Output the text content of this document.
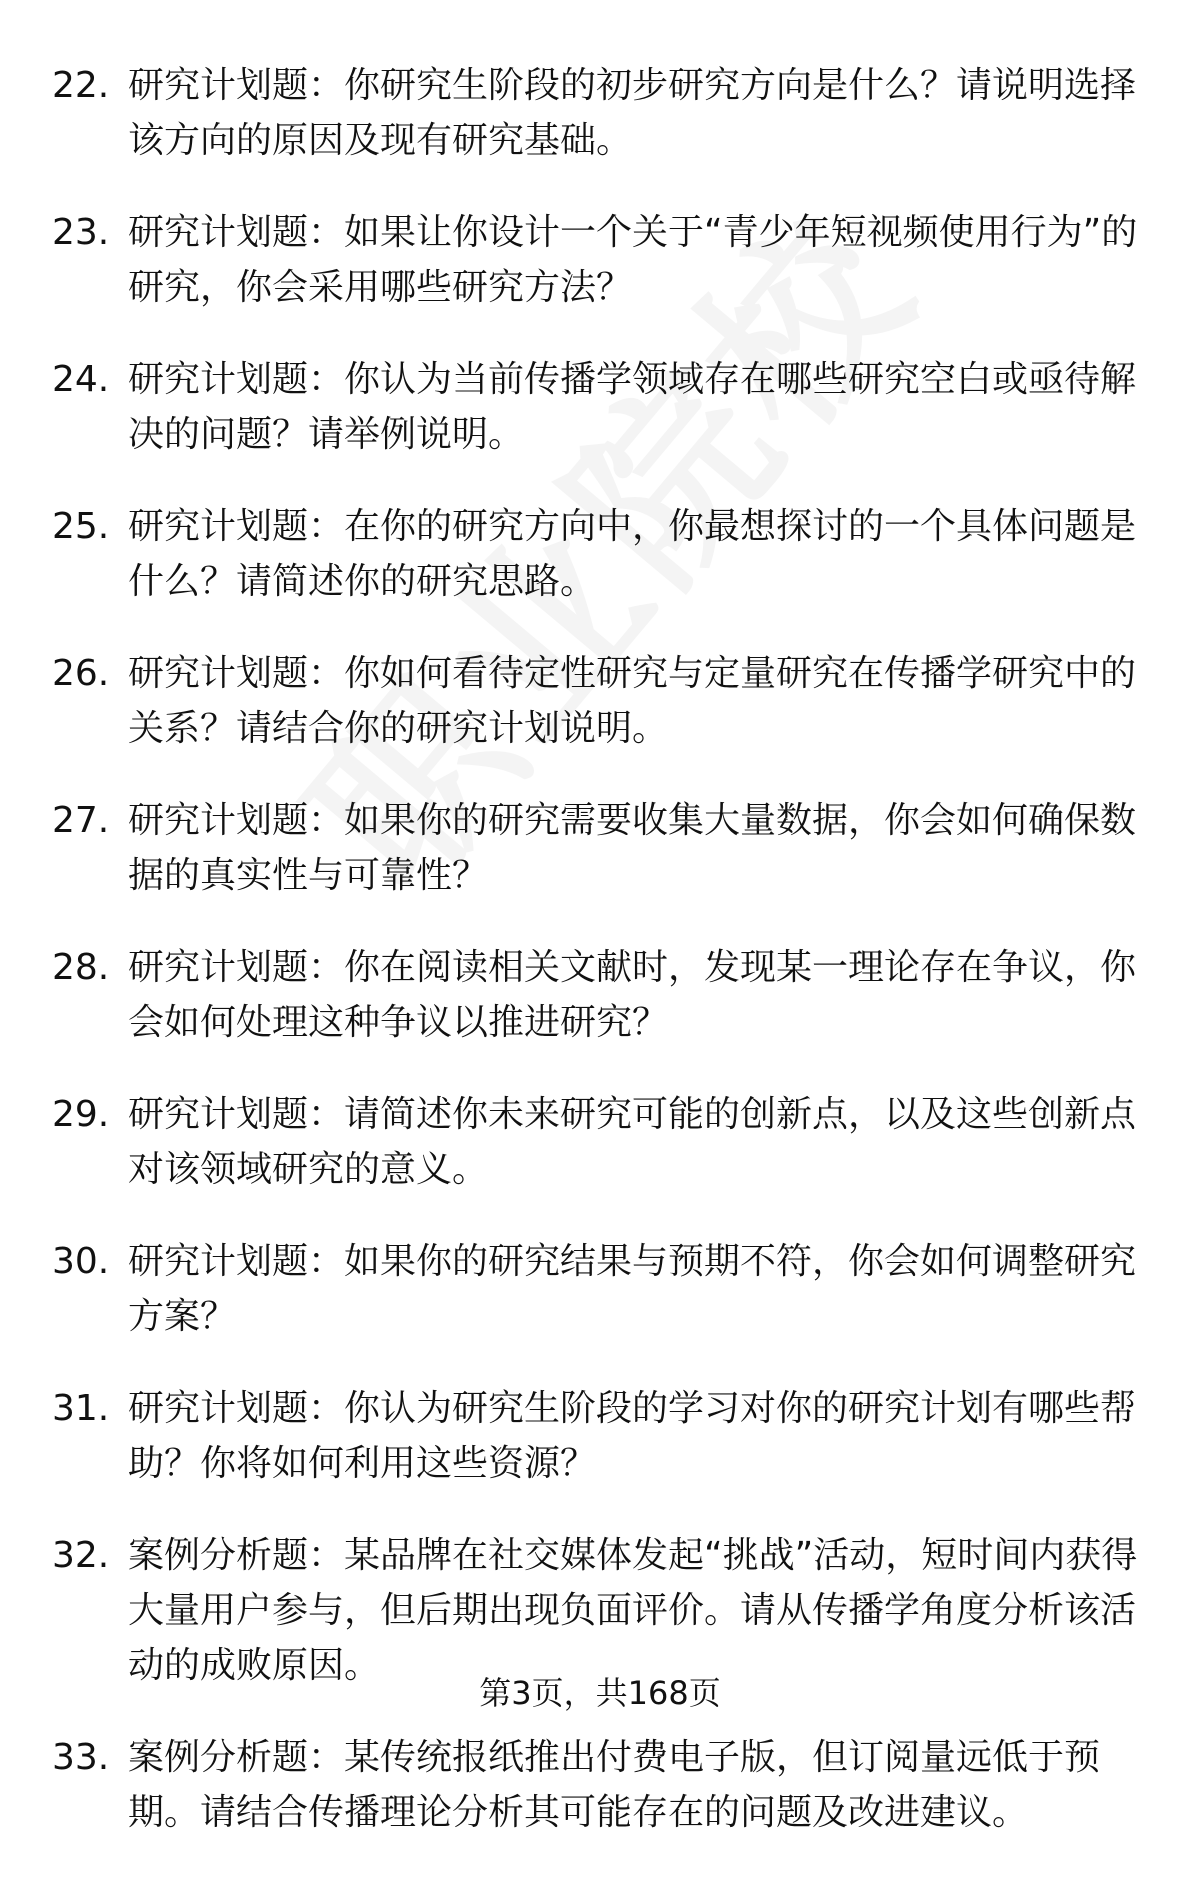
22. 研究计划题：你研究生阶段的初步研究方向是什么？请说明选择该方向的原因及现有研究基础。
23. 研究计划题：如果让你设计一个关于“青少年短视频使用行为”的研究，你会采用哪些研究方法？
24. 研究计划题：你认为当前传播学领域存在哪些研究空白或亟待解决的问题？请举例说明。
25. 研究计划题：在你的研究方向中，你最想探讨的一个具体问题是什么？请简述你的研究思路。
26. 研究计划题：你如何看待定性研究与定量研究在传播学研究中的关系？请结合你的研究计划说明。
27. 研究计划题：如果你的研究需要收集大量数据，你会如何确保数据的真实性与可靠性？
28. 研究计划题：你在阅读相关文献时，发现某一理论存在争议，你会如何处理这种争议以推进研究？
29. 研究计划题：请简述你未来研究可能的创新点，以及这些创新点对该领域研究的意义。
30. 研究计划题：如果你的研究结果与预期不符，你会如何调整研究方案？
31. 研究计划题：你认为研究生阶段的学习对你的研究计划有哪些帮助？你将如何利用这些资源？
32. 案例分析题：某品牌在社交媒体发起“挑战”活动，短时间内获得大量用户参与，但后期出现负面评价。请从传播学角度分析该活动的成败原因。
33. 案例分析题：某传统报纸推出付费电子版，但订阅量远低于预期。请结合传播理论分析其可能存在的问题及改进建议。
第3页，共168页
